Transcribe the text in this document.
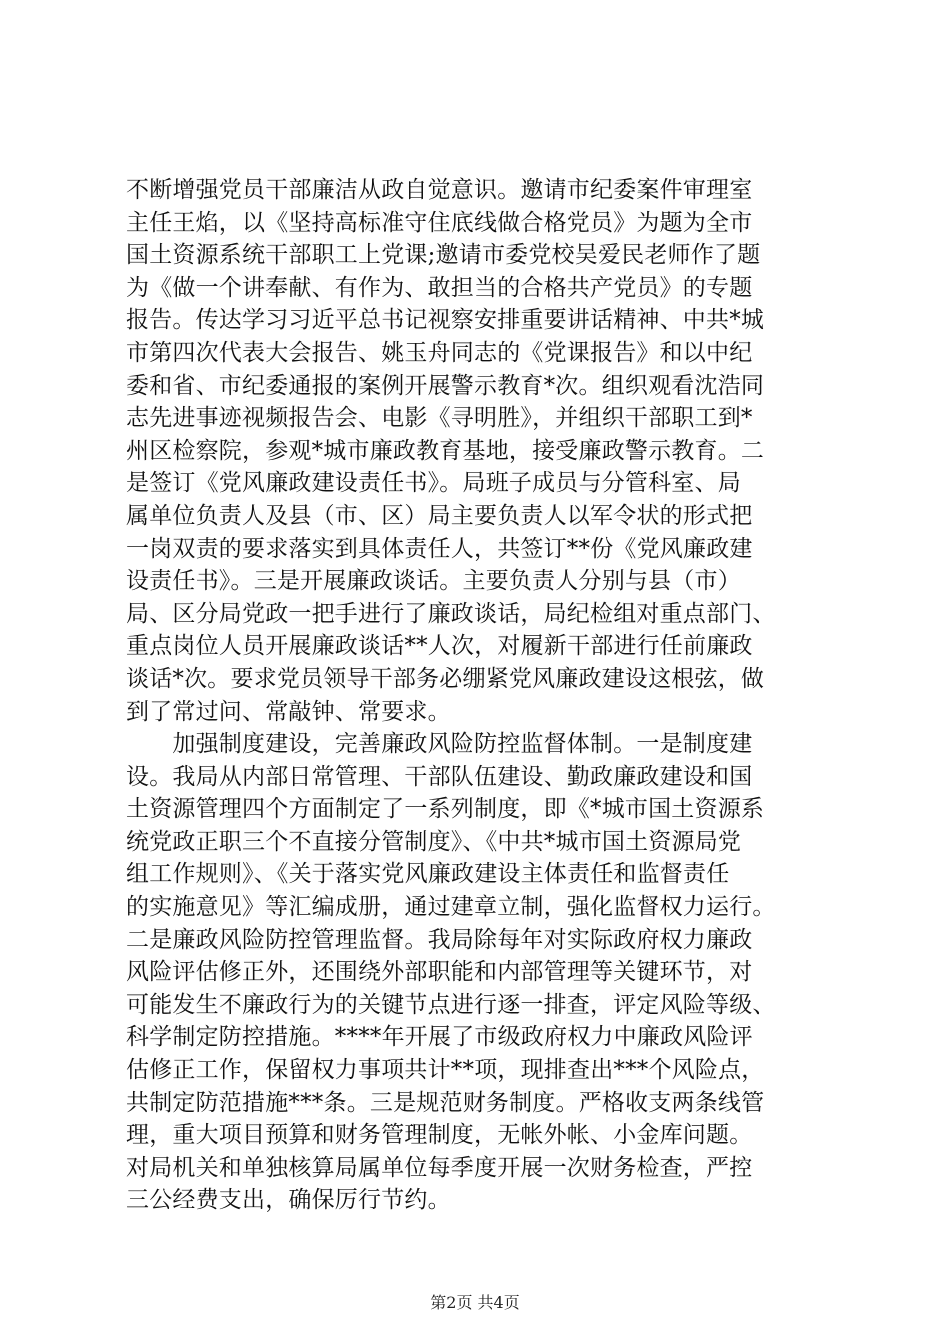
不断增强党员干部廉洁从政自觉意识。邀请市纪委案件审理室
主任王焰，以《坚持高标准守住底线做合格党员》为题为全市
国土资源系统干部职工上党课;邀请市委党校吴爱民老师作了题
为《做一个讲奉献、有作为、敢担当的合格共产党员》的专题
报告。传达学习习近平总书记视察安排重要讲话精神、中共*城
市第四次代表大会报告、姚玉舟同志的《党课报告》和以中纪
委和省、市纪委通报的案例开展警示教育*次。组织观看沈浩同
志先进事迹视频报告会、电影《寻明胜》，并组织干部职工到*
州区检察院，参观*城市廉政教育基地，接受廉政警示教育。二
是签订《党风廉政建设责任书》。局班子成员与分管科室、局
属单位负责人及县（市、区）局主要负责人以军令状的形式把
一岗双责的要求落实到具体责任人，共签订**份《党风廉政建
设责任书》。三是开展廉政谈话。主要负责人分别与县（市）
局、区分局党政一把手进行了廉政谈话，局纪检组对重点部门、
重点岗位人员开展廉政谈话**人次，对履新干部进行任前廉政
谈话*次。要求党员领导干部务必绷紧党风廉政建设这根弦，做
到了常过问、常敲钟、常要求。
　　加强制度建设，完善廉政风险防控监督体制。一是制度建
设。我局从内部日常管理、干部队伍建设、勤政廉政建设和国
土资源管理四个方面制定了一系列制度，即《*城市国土资源系
统党政正职三个不直接分管制度》、《中共*城市国土资源局党
组工作规则》、《关于落实党风廉政建设主体责任和监督责任
的实施意见》等汇编成册，通过建章立制，强化监督权力运行。
二是廉政风险防控管理监督。我局除每年对实际政府权力廉政
风险评估修正外，还围绕外部职能和内部管理等关键环节，对
可能发生不廉政行为的关键节点进行逐一排查，评定风险等级、
科学制定防控措施。****年开展了市级政府权力中廉政风险评
估修正工作，保留权力事项共计**项，现排查出***个风险点，
共制定防范措施***条。三是规范财务制度。严格收支两条线管
理，重大项目预算和财务管理制度，无帐外帐、小金库问题。
对局机关和单独核算局属单位每季度开展一次财务检查，严控
三公经费支出，确保厉行节约。
第2页 共4页
